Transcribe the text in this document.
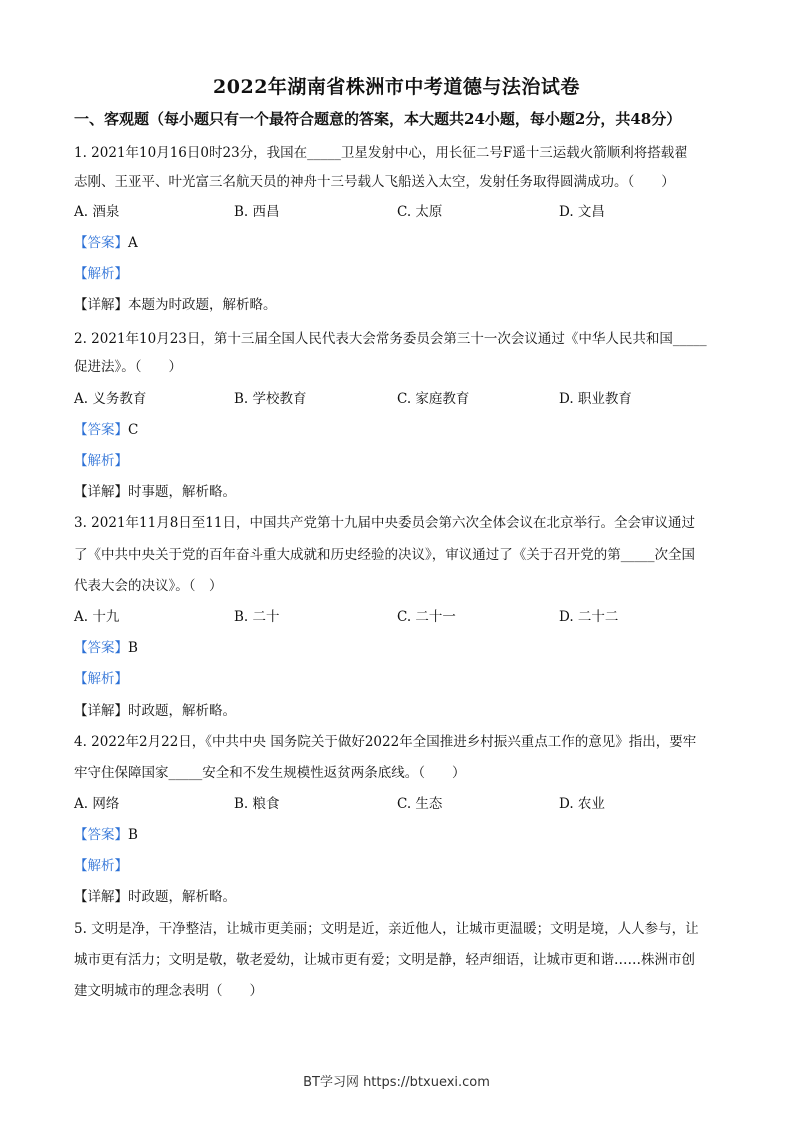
2022年湖南省株洲市中考道德与法治试卷
一、客观题（每小题只有一个最符合题意的答案，本大题共24小题，每小题2分，共48分）
1. 2021年10月16日0时23分，我国在_____卫星发射中心，用长征二号F遥十三运载火箭顺利将搭载翟
志刚、王亚平、叶光富三名航天员的神舟十三号载人飞船送入太空，发射任务取得圆满成功。（　　）
A. 酒泉	B. 西昌	C. 太原	D. 文昌
【答案】A
【解析】
【详解】本题为时政题，解析略。
2. 2021年10月23日，第十三届全国人民代表大会常务委员会第三十一次会议通过《中华人民共和国_____
促进法》。（　　）
A. 义务教育	B. 学校教育	C. 家庭教育	D. 职业教育
【答案】C
【解析】
【详解】时事题，解析略。
3. 2021年11月8日至11日，中国共产党第十九届中央委员会第六次全体会议在北京举行。全会审议通过
了《中共中央关于党的百年奋斗重大成就和历史经验的决议》，审议通过了《关于召开党的第_____次全国
代表大会的决议》。（　）
A. 十九	B. 二十	C. 二十一	D. 二十二
【答案】B
【解析】
【详解】时政题，解析略。
4. 2022年2月22日，《中共中央 国务院关于做好2022年全国推进乡村振兴重点工作的意见》指出，要牢
牢守住保障国家_____安全和不发生规模性返贫两条底线。（　　）
A. 网络	B. 粮食	C. 生态	D. 农业
【答案】B
【解析】
【详解】时政题，解析略。
5. 文明是净，干净整洁，让城市更美丽；文明是近，亲近他人，让城市更温暖；文明是境，人人参与，让
城市更有活力；文明是敬，敬老爱幼，让城市更有爱；文明是静，轻声细语，让城市更和谐……株洲市创
建文明城市的理念表明（　　）
BT学习网 https://btxuexi.com
